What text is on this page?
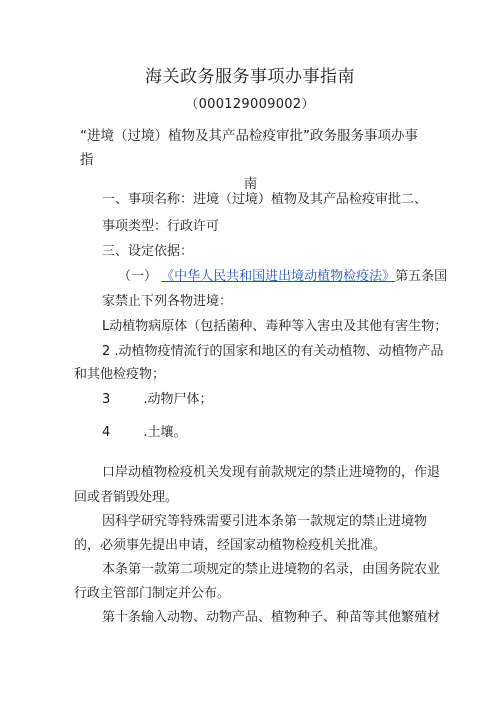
海关政务服务事项办事指南
（000129009002）
“进境（过境）植物及其产品检疫审批”政务服务事项办事指
南
一、事项名称：进境（过境）植物及其产品检疫审批二、
事项类型：行政许可
三、设定依据：
（一） 《中华人民共和国进出境动植物检疫法》第五条国
家禁止下列各物进境：
L动植物病原体（包括菌种、毒种等入害虫及其他有害生物；
2 .动植物疫情流行的国家和地区的有关动植物、动植物产品
和其他检疫物；
3        .动物尸体；
4        .土壤。
口岸动植物检疫机关发现有前款规定的禁止进境物的，作退
回或者销毁处理。
因科学研究等特殊需要引进本条第一款规定的禁止进境物
的，必须事先提出申请，经国家动植物检疫机关批准。
本条第一款第二项规定的禁止进境物的名录，由国务院农业
行政主管部门制定并公布。
第十条输入动物、动物产品、植物种子、种苗等其他繁殖材
